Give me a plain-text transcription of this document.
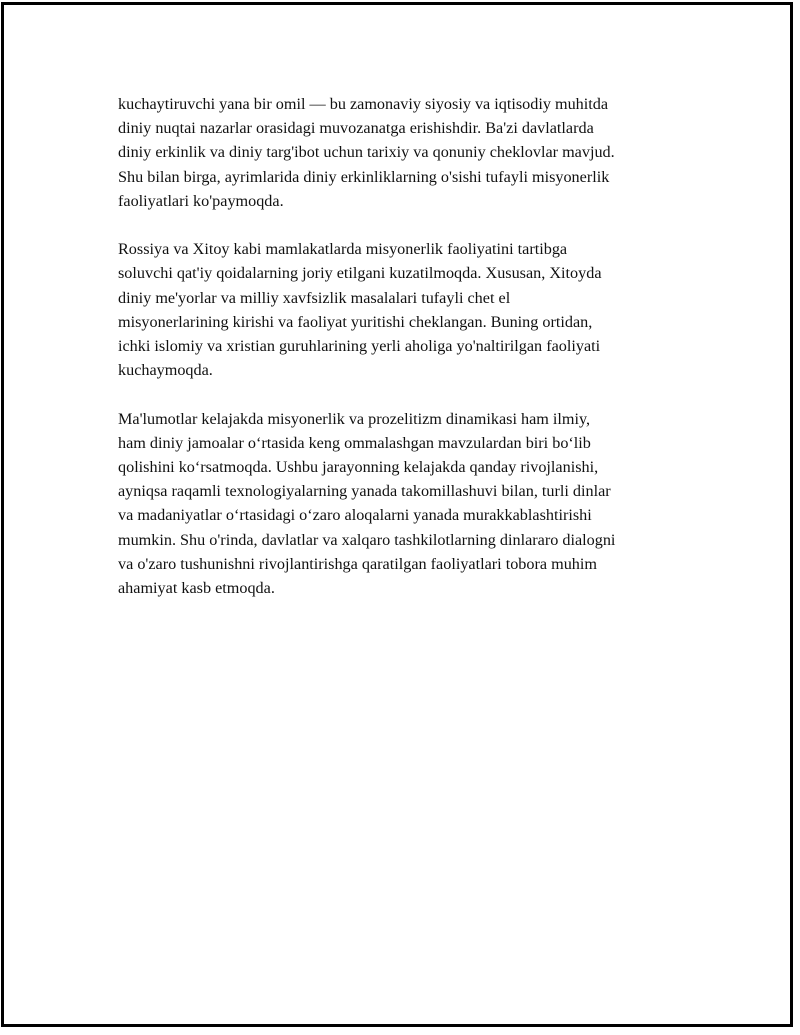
kuchaytiruvchi yana bir omil — bu zamonaviy siyosiy va iqtisodiy muhitda
diniy nuqtai nazarlar orasidagi muvozanatga erishishdir. Ba'zi davlatlarda
diniy erkinlik va diniy targ'ibot uchun tarixiy va qonuniy cheklovlar mavjud.
Shu bilan birga, ayrimlarida diniy erkinliklarning o'sishi tufayli misyonerlik
faoliyatlari ko'paymoqda.

Rossiya va Xitoy kabi mamlakatlarda misyonerlik faoliyatini tartibga
soluvchi qat'iy qoidalarning joriy etilgani kuzatilmoqda. Xususan, Xitoyda
diniy me'yorlar va milliy xavfsizlik masalalari tufayli chet el
misyonerlarining kirishi va faoliyat yuritishi cheklangan. Buning ortidan,
ichki islomiy va xristian guruhlarining yerli aholiga yo'naltirilgan faoliyati
kuchaymoqda.

Ma'lumotlar kelajakda misyonerlik va prozelitizm dinamikasi ham ilmiy,
ham diniy jamoalar o‘rtasida keng ommalashgan mavzulardan biri bo‘lib
qolishini ko‘rsatmoqda. Ushbu jarayonning kelajakda qanday rivojlanishi,
ayniqsa raqamli texnologiyalarning yanada takomillashuvi bilan, turli dinlar
va madaniyatlar o‘rtasidagi o‘zaro aloqalarni yanada murakkablashtirishi
mumkin. Shu o'rinda, davlatlar va xalqaro tashkilotlarning dinlararo dialogni
va o'zaro tushunishni rivojlantirishga qaratilgan faoliyatlari tobora muhim
ahamiyat kasb etmoqda.
